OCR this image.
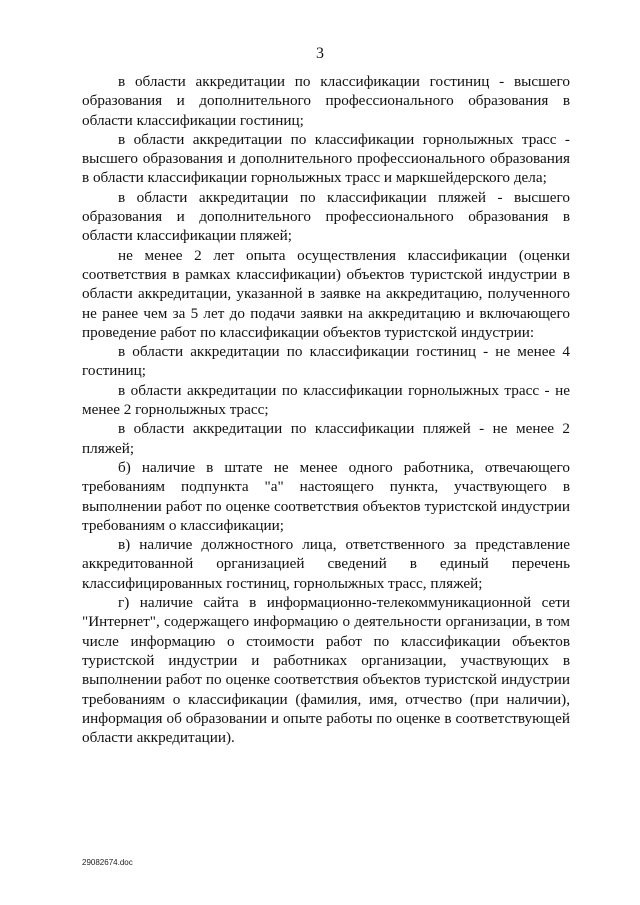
3

в области аккредитации по классификации гостиниц - высшего образования и дополнительного профессионального образования в области классификации гостиниц;

в области аккредитации по классификации горнолыжных трасс - высшего образования и дополнительного профессионального образования в области классификации горнолыжных трасс и маркшейдерского дела;

в области аккредитации по классификации пляжей - высшего образования и дополнительного профессионального образования в области классификации пляжей;

не менее 2 лет опыта осуществления классификации (оценки соответствия в рамках классификации) объектов туристской индустрии в области аккредитации, указанной в заявке на аккредитацию, полученного не ранее чем за 5 лет до подачи заявки на аккредитацию и включающего проведение работ по классификации объектов туристской индустрии:

в области аккредитации по классификации гостиниц - не менее 4 гостиниц;

в области аккредитации по классификации горнолыжных трасс - не менее 2 горнолыжных трасс;

в области аккредитации по классификации пляжей - не менее 2 пляжей;

б) наличие в штате не менее одного работника, отвечающего требованиям подпункта "а" настоящего пункта, участвующего в выполнении работ по оценке соответствия объектов туристской индустрии требованиям о классификации;

в) наличие должностного лица, ответственного за представление аккредитованной организацией сведений в единый перечень классифицированных гостиниц, горнолыжных трасс, пляжей;

г) наличие сайта в информационно-телекоммуникационной сети "Интернет", содержащего информацию о деятельности организации, в том числе информацию о стоимости работ по классификации объектов туристской индустрии и работниках организации, участвующих в выполнении работ по оценке соответствия объектов туристской индустрии требованиям о классификации (фамилия, имя, отчество (при наличии), информация об образовании и опыте работы по оценке в соответствующей области аккредитации).

29082674.doc
